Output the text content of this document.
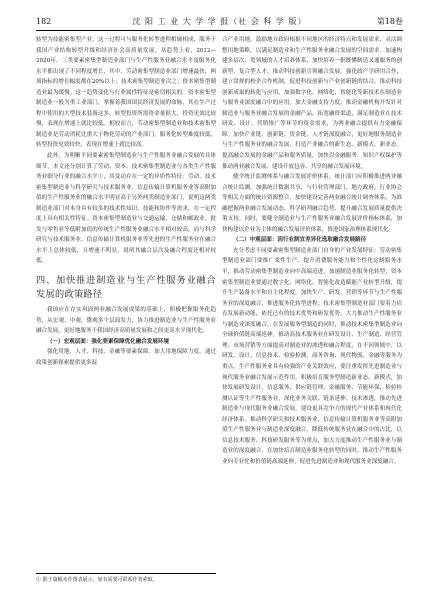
182	沈 阳 工 业 大 学 学 报（社 会 科 学 版）	第18卷

转型为技能密集型产业，这一过程可与服务化转型进程相辅相成，服务于我国产业结构转型升级和经济社会高质量发展。从趋势上看，2012—2020年，三类要素密集型制造业部门与生产性服务业融合水平及服务化水平都出现了不同程度增长，其中，劳动密集型制造业部门增速最快，两项指标的增长幅度都在20%以上；技术密集型制造业次之；资本密集型制造业最为缓慢。这一趋势变化与行业属性特征是密切相关的。资本密集型制造业一般为重工业部门，掌握着我国国民经济发展的命脉，其在生产过程中使用的大型技术装备这多，转型投资所需资金量很大，投资见效比较慢，表现在增速上就比较低。相较而言，劳动密集型制造业和技术密集型制造业是劳动消耗比重大于物化劳动的产业部门，服务化转型难度较低，转型投资见效较快，表现在增速上就比较高。

此外，为明晰不同要素密集型制造业与生产性服务业融合发展的具体细节，本文还分别计算了劳动、资本、技术密集型制造业与各类生产性服务业细分行业的融合水平①，其变动存在一定的异质性特征：劳动、技术密集型制造业与科学研究与技术服务业、信息传输计算机服务业等高附加值的生产性服务业的融合水平明显高于另外两类制造业部门，说明这两类制造业部门对本身具有较多的技术性知识、技能和协作等需求，在一定程度上具有相关性特征。资本密集型制造业与交通运输、仓储和邮政业，批发与零售业等低附加值的传统生产性服务业融合水平相对较高，而与科学研究与技术服务业、信息传输计算机服务业等先进的生产性服务业在融合水平上总体较低，且增速不明显，说明其融合层次及融合程度还相对较低。

四、加快推进制造业与生产性服务业融合发展的政策路径

我国应在存实巩固两业融合发展成果的基础上，积极把握服务化趋势，从宏观、中观、微观多个层面发力，协力推进制造业与生产性服务业融合发展，更好地服务于我国经济高质量发展和之间更高水平现代化。

（一）宏观层面：强化要素保障优化融合发展环境

强化用地、人才、科技、金融等要素保障。加大用地保障力度，通过政策创新探索提供更多混

合产业用地，鼓励地方政府根据不同地区的经济特点和发展需求，灵活调整用地策略，以满足制造业和生产性服务业融合发展的空间需求。加速构建多层次、宽领域的人才培养体系，加快培养一批既懂制造又通服务的创新型、复合型人才。推动科技创新引领融合发展。强化政产学研用合作，建立常规的校企合作机制，促进科技创新与产业创新链的结合，推动科技创新成果的转化与应用，加强数字化、网络化、智能化等新技术在制造业与服务业深度融合中的应用。加大金融支持力度，推动金融机构开发针对制造业与服务业融合发展的金融产品，拓宽融资渠道，满足制造业在技术研发、设计、营销推广等环节的资金需求，为两业融合提供有力金融保障。加快产业链、创新链、资金链、人才链深度融合，更好地服务制造业与生产性服务业的融合发展，打造产业融合的新生态、新模式、新业态。提高融合发展的金融产品和服务质量，加快以金融服务、知识产权保护等推动两业融合发展、建设开放包容、共享的融合发展环境。

健全统计监测体系与融合发展评价体系。统计部门应积极推进两业融合统计监测，加强统计数据共享，与行业管理部门、地方政府、行业协会等相关方面的统计资源整合，加快建设完善两业融合统计调查体系，为准确把握两业融合发展动态、科学研判融合趋势、提升融合发展质量提供决策支持。同时，要健全制造业与生产性服务业融合发展评价指标体系，加快构建以企业为主体的融合发展评价体系，推进国家治理体系现代化。

（二）中观层面：因行业制宜差异化选取融合发展路径

充分考虑不同要素密集型制造业部门自身的产业发展特征：劳动密集型制造业部门要推广柔性生产、提升消费服务能力和个性化定制服务水平，推动劳动密集型制造业向中高端迈进，加速制造业服务化转型；资本密集型制造业要通过数字化、网络化、智能化改造赋能产业转型升级，提升生产装备水平和自主化程度，加快生产、研发、营销等环节与生产性服务业的深度融合，推进服务化转型进程；技术密集型制造业部门要着力培育发展新动能，依托已有的技术优势和研发优势，大力推动生产性服务业与制造业深度融合，在发展服务型制造的同时，推动技术密集型制造业向全球价值链高端延伸。推动高技术服务业在研发设计、生产制造、经营管理、市场营销等方面提高对制造业的渗透和融合程度，在不同领域中，以研发、设计、信息技术、检验检测、商务咨询、现代物流、金融等服务为重点。生产性服务业具有较强的产业关联效应，要注重发挥先进制造业与现代服务业融合发展示范作用，积极培育服务型制造新业态、新模式，加快发展研发设计、信息服务、供应链管理、金融服务、节能环保、检验检测认证等生产性服务业，深化业务关联、链条延伸、技术渗透，推动先进制造业与现代服务业融合发展，建设更具竞争力的现代产业体系和现代化经济体系。推动科学研究和技术服务业、信息传输计算机服务业等高附加值生产性服务业与制造业深度融合，降低传统服务业在融合中的占比，以信息技术服务、科技研发服务等为重点，加大力度推动生产性服务业与制造业的深度融合，在加快培育制造业服务化转型的同时，推动生产性服务业向专业化和价值链高端延伸，促进先进制造业和现代服务业深度融合。

① 限于篇幅未作图表展示，如有需要可联系作者索取。
